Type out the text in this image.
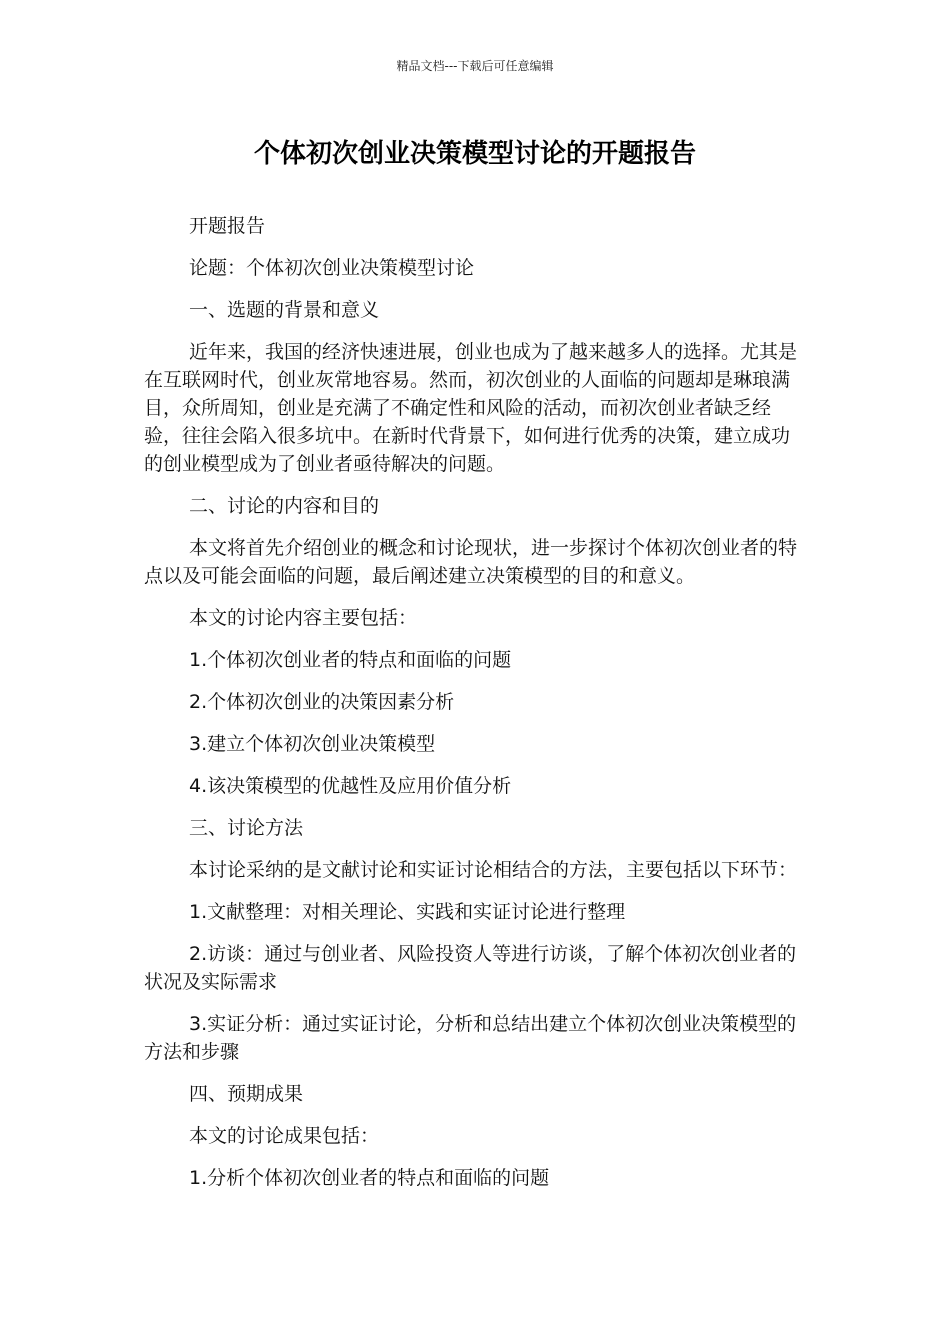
精品文档---下载后可任意编辑
个体初次创业决策模型讨论的开题报告

开题报告

论题：个体初次创业决策模型讨论

一、选题的背景和意义

近年来，我国的经济快速进展，创业也成为了越来越多人的选择。尤其是在互联网时代，创业灰常地容易。然而，初次创业的人面临的问题却是琳琅满目，众所周知，创业是充满了不确定性和风险的活动，而初次创业者缺乏经验，往往会陷入很多坑中。在新时代背景下，如何进行优秀的决策，建立成功的创业模型成为了创业者亟待解决的问题。

二、讨论的内容和目的

本文将首先介绍创业的概念和讨论现状，进一步探讨个体初次创业者的特点以及可能会面临的问题，最后阐述建立决策模型的目的和意义。

本文的讨论内容主要包括：

1.个体初次创业者的特点和面临的问题

2.个体初次创业的决策因素分析

3.建立个体初次创业决策模型

4.该决策模型的优越性及应用价值分析

三、讨论方法

本讨论采纳的是文献讨论和实证讨论相结合的方法，主要包括以下环节：

1.文献整理：对相关理论、实践和实证讨论进行整理

2.访谈：通过与创业者、风险投资人等进行访谈，了解个体初次创业者的状况及实际需求

3.实证分析：通过实证讨论，分析和总结出建立个体初次创业决策模型的方法和步骤

四、预期成果

本文的讨论成果包括：

1.分析个体初次创业者的特点和面临的问题
